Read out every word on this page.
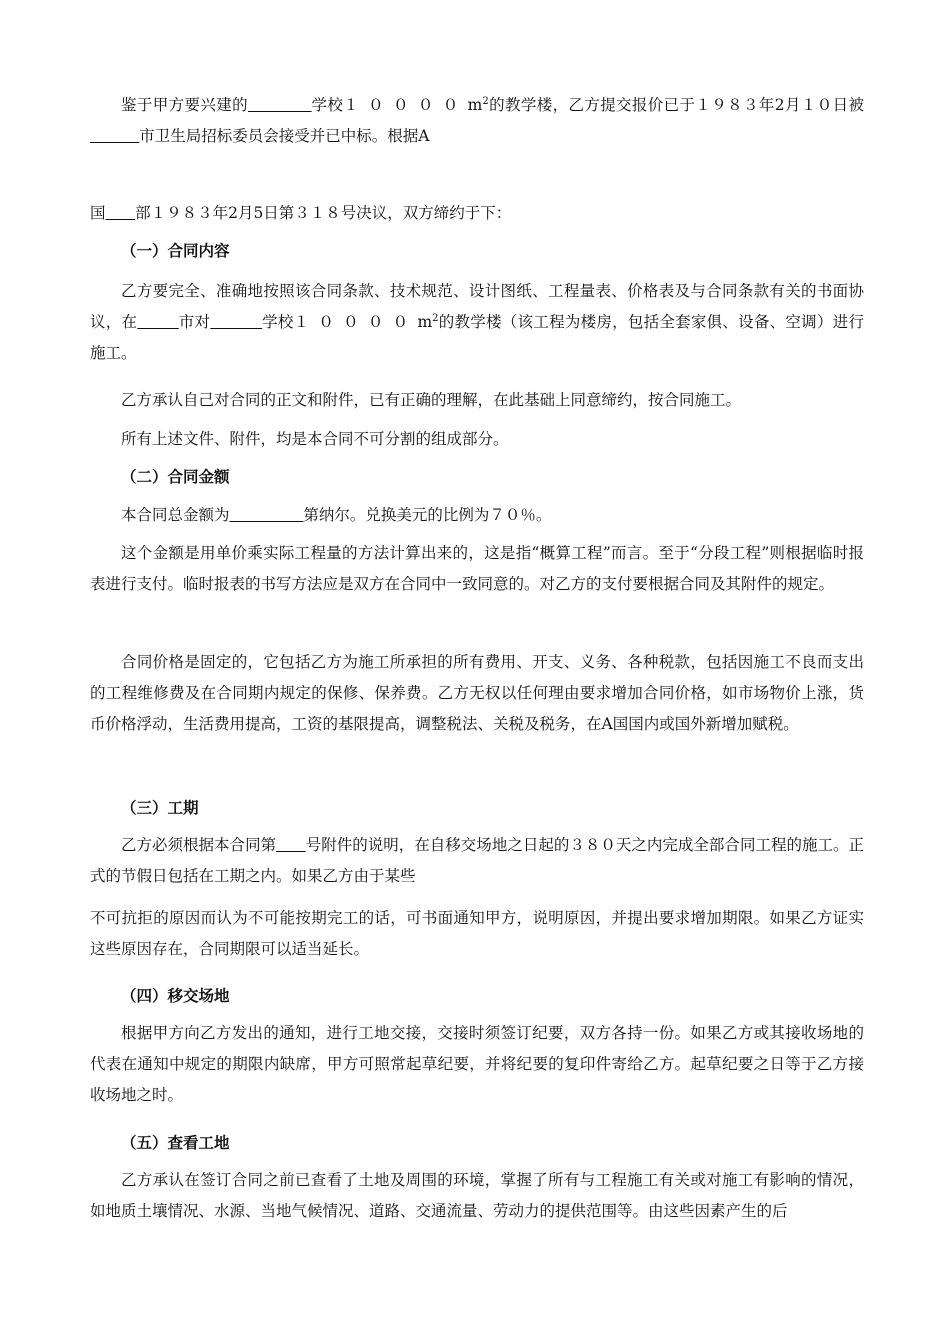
鉴于甲方要兴建的	学校$10000m^2$的教学楼，乙方提交报价已于１９８３年2月１０日被          市卫生局招标委员会接受并已中标。根据A

国 部１９８３年2月5日第３１８号决议，双方缔约于下：

（一）合同内容

乙方要完全、准确地按照该合同条款、技术规范、设计图纸、工程量表、价格表及与合同条款有关的书面协议，在	市对	学校$10000m^2$的教学楼（该工程为楼房，包括全套家俱、设备、空调）进行施工。

乙方承认自己对合同的正文和附件，已有正确的理解，在此基础上同意缔约，按合同施工。

所有上述文件、附件，均是本合同不可分割的组成部分。

（二）合同金额

本合同总金额为	第纳尔。兑换美元的比例为７０％。

这个金额是用单价乘实际工程量的方法计算出来的，这是指“概算工程”而言。至于“分段工程”则根据临时报表进行支付。临时报表的书写方法应是双方在合同中一致同意的。对乙方的支付要根据合同及其附件的规定。

合同价格是固定的，它包括乙方为施工所承担的所有费用、开支、义务、各种税款，包括因施工不良而支出的工程维修费及在合同期内规定的保修、保养费。乙方无权以任何理由要求增加合同价格，如市场物价上涨，货币价格浮动，生活费用提高，工资的基限提高，调整税法、关税及税务，在A国国内或国外新增加赋税。

（三）工期

乙方必须根据本合同第 号附件的说明，在自移交场地之日起的３８０天之内完成全部合同工程的施工。正式的节假日包括在工期之内。如果乙方由于某些

不可抗拒的原因而认为不可能按期完工的话，可书面通知甲方，说明原因，并提出要求增加期限。如果乙方证实这些原因存在，合同期限可以适当延长。

（四）移交场地

根据甲方向乙方发出的通知，进行工地交接，交接时须签订纪要，双方各持一份。如果乙方或其接收场地的代表在通知中规定的期限内缺席，甲方可照常起草纪要，并将纪要的复印件寄给乙方。起草纪要之日等于乙方接收场地之时。

（五）查看工地

乙方承认在签订合同之前已查看了土地及周围的环境，掌握了所有与工程施工有关或对施工有影响的情况，如地质土壤情况、水源、当地气候情况、道路、交通流量、劳动力的提供范围等。由这些因素产生的后
